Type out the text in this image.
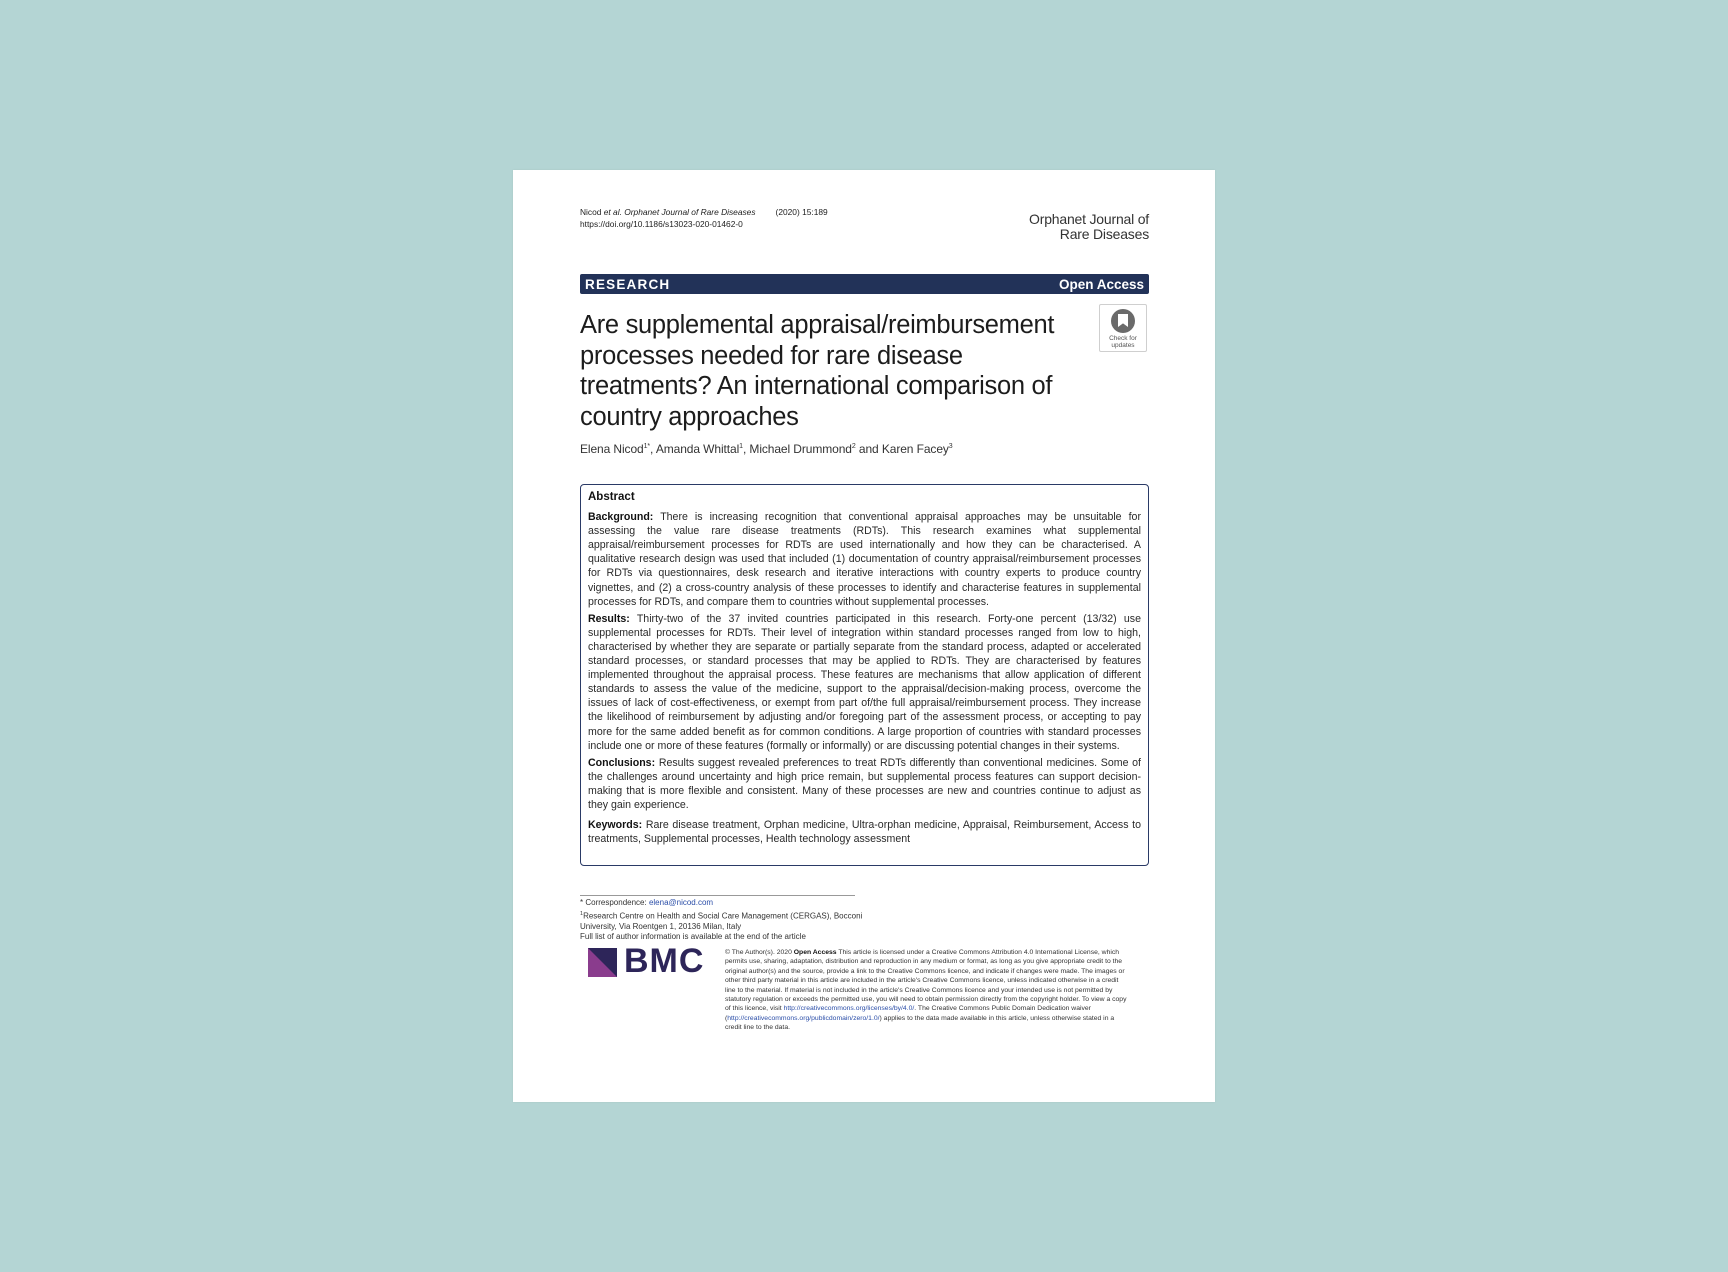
Nicod et al. Orphanet Journal of Rare Diseases (2020) 15:189
https://doi.org/10.1186/s13023-020-01462-0	Orphanet Journal of
Rare Diseases
RESEARCH	Open Access
Are supplemental appraisal/reimbursement processes needed for rare disease treatments? An international comparison of country approaches
Check for
updates
Elena Nicod$^{1*}$, Amanda Whittal$^1$, Michael Drummond$^2$ and Karen Facey$^3$
Abstract

Background: There is increasing recognition that conventional appraisal approaches may be unsuitable for assessing the value rare disease treatments (RDTs). This research examines what supplemental appraisal/reimbursement processes for RDTs are used internationally and how they can be characterised. A qualitative research design was used that included (1) documentation of country appraisal/reimbursement processes for RDTs via questionnaires, desk research and iterative interactions with country experts to produce country vignettes, and (2) a cross-country analysis of these processes to identify and characterise features in supplemental processes for RDTs, and compare them to countries without supplemental processes.

Results: Thirty-two of the 37 invited countries participated in this research. Forty-one percent (13/32) use supplemental processes for RDTs. Their level of integration within standard processes ranged from low to high, characterised by whether they are separate or partially separate from the standard process, adapted or accelerated standard processes, or standard processes that may be applied to RDTs. They are characterised by features implemented throughout the appraisal process. These features are mechanisms that allow application of different standards to assess the value of the medicine, support to the appraisal/decision-making process, overcome the issues of lack of cost-effectiveness, or exempt from part of/the full appraisal/reimbursement process. They increase the likelihood of reimbursement by adjusting and/or foregoing part of the assessment process, or accepting to pay more for the same added benefit as for common conditions. A large proportion of countries with standard processes include one or more of these features (formally or informally) or are discussing potential changes in their systems.

Conclusions: Results suggest revealed preferences to treat RDTs differently than conventional medicines. Some of the challenges around uncertainty and high price remain, but supplemental process features can support decision-making that is more flexible and consistent. Many of these processes are new and countries continue to adjust as they gain experience.

Keywords: Rare disease treatment, Orphan medicine, Ultra-orphan medicine, Appraisal, Reimbursement, Access to treatments, Supplemental processes, Health technology assessment

* Correspondence: elena@nicod.com
$^1$Research Centre on Health and Social Care Management (CERGAS), Bocconi
University, Via Roentgen 1, 20136 Milan, Italy
Full list of author information is available at the end of the article
BMC	© The Author(s). 2020 Open Access This article is licensed under a Creative Commons Attribution 4.0 International License, which permits use, sharing, adaptation, distribution and reproduction in any medium or format, as long as you give appropriate credit to the original author(s) and the source, provide a link to the Creative Commons licence, and indicate if changes were made. The images or other third party material in this article are included in the article's Creative Commons licence, unless indicated otherwise in a credit line to the material. If material is not included in the article's Creative Commons licence and your intended use is not permitted by statutory regulation or exceeds the permitted use, you will need to obtain permission directly from the copyright holder. To view a copy of this licence, visit http://creativecommons.org/licenses/by/4.0/. The Creative Commons Public Domain Dedication waiver (http://creativecommons.org/publicdomain/zero/1.0/) applies to the data made available in this article, unless otherwise stated in a credit line to the data.
